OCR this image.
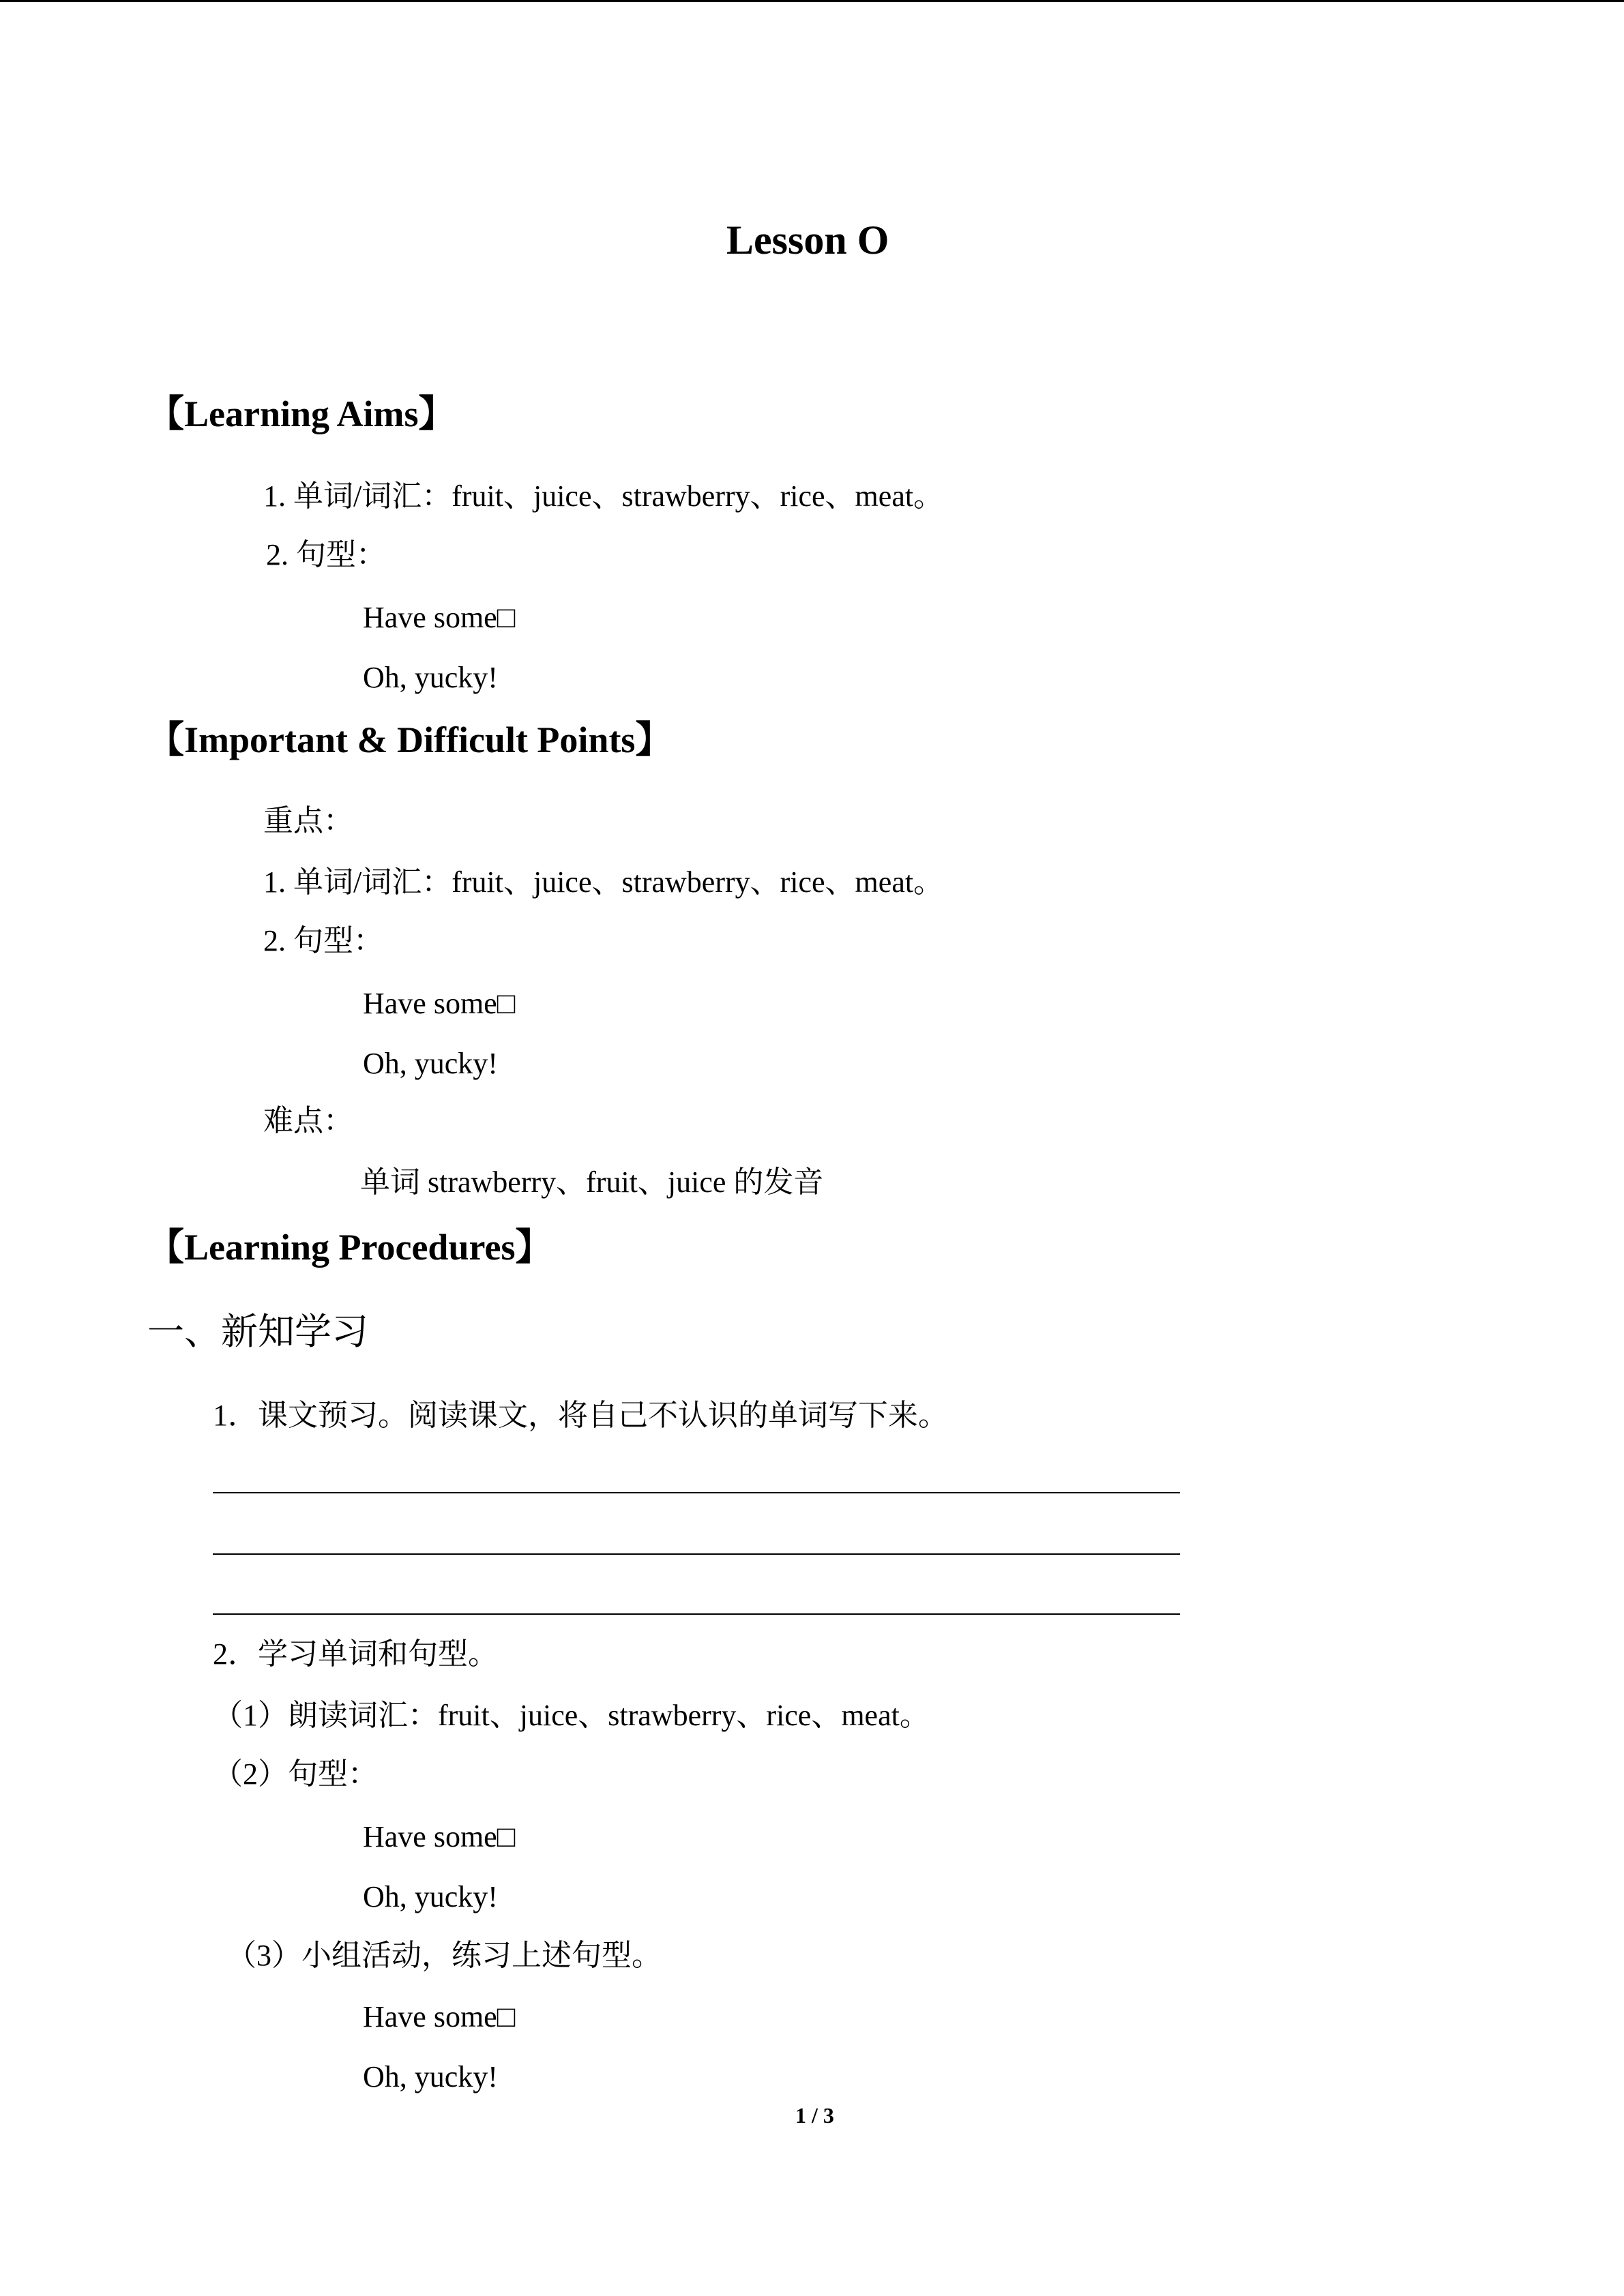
Lesson O
【Learning Aims】
1. 单词/词汇：fruit、juice、strawberry、rice、meat。
2. 句型：
Have some□
Oh, yucky!
【Important & Difficult Points】
重点：
1. 单词/词汇：fruit、juice、strawberry、rice、meat。
2. 句型：
Have some□
Oh, yucky!
难点：
单词 strawberry、fruit、juice 的发音
【Learning Procedures】
一、新知学习
1．课文预习。阅读课文，将自己不认识的单词写下来。
2．学习单词和句型。
（1）朗读词汇：fruit、juice、strawberry、rice、meat。
（2）句型：
Have some□
Oh, yucky!
（3）小组活动，练习上述句型。
Have some□
Oh, yucky!
1 / 3
